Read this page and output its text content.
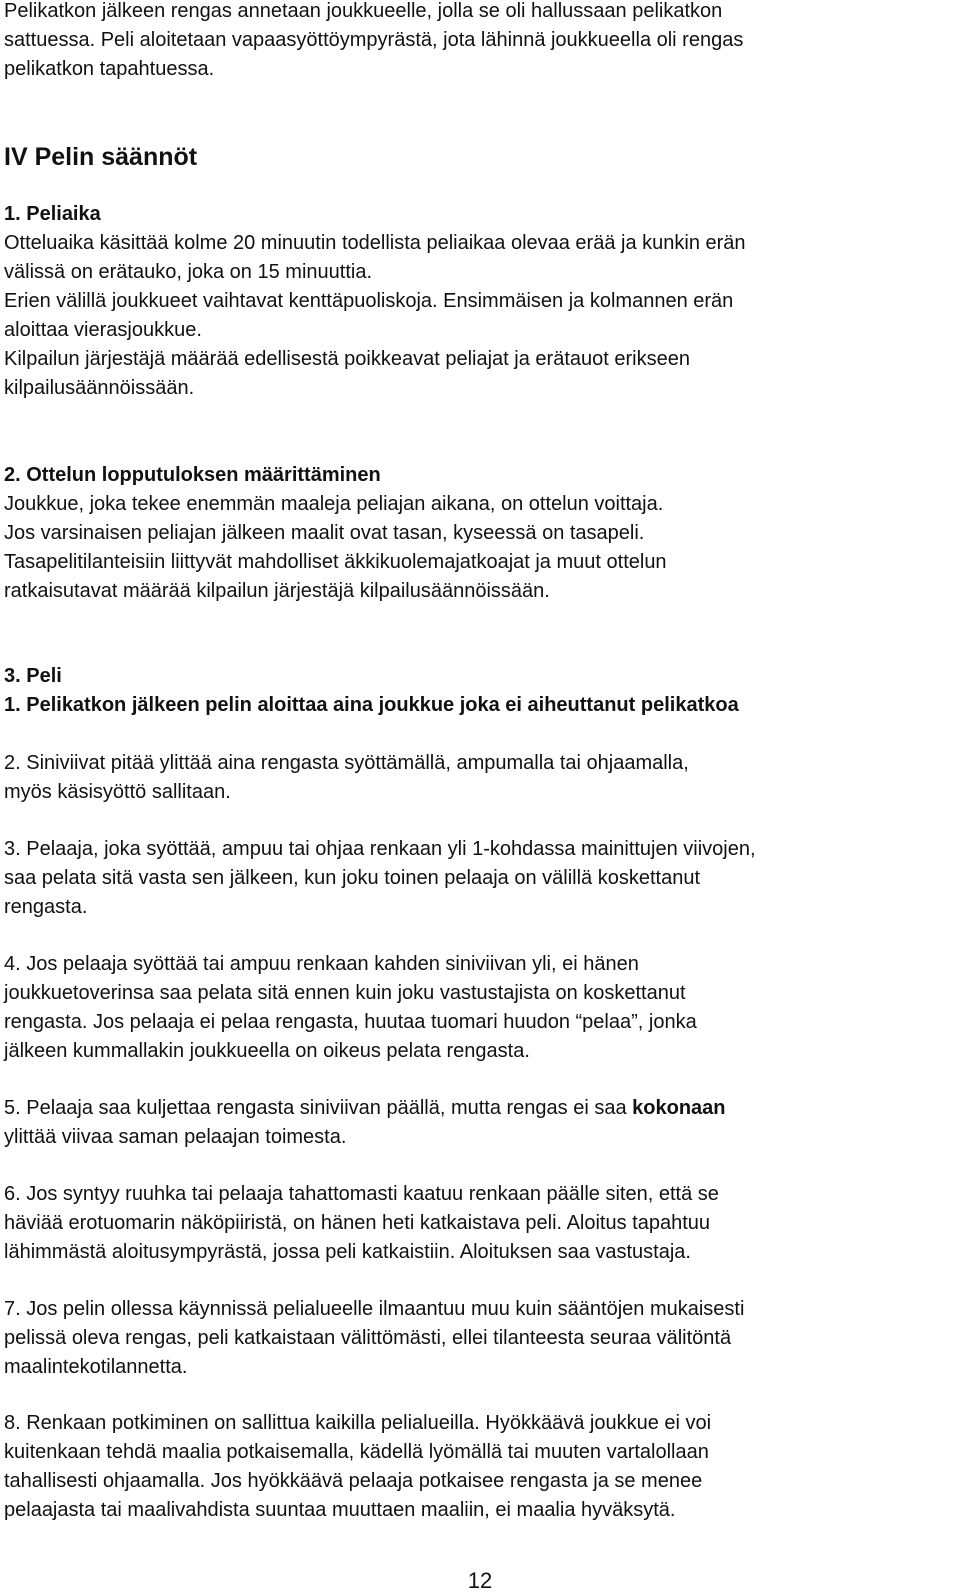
Pelikatkon jälkeen rengas annetaan joukkueelle, jolla se oli hallussaan pelikatkon

sattuessa. Peli aloitetaan vapaasyöttöympyrästä, jota lähinnä joukkueella oli rengas

pelikatkon tapahtuessa.

IV Pelin säännöt

1. Peliaika

Otteluaika käsittää kolme 20 minuutin todellista peliaikaa olevaa erää ja kunkin erän

välissä on erätauko, joka on 15 minuuttia.

Erien välillä joukkueet vaihtavat kenttäpuoliskoja. Ensimmäisen ja kolmannen erän

aloittaa vierasjoukkue.

Kilpailun järjestäjä määrää edellisestä poikkeavat peliajat ja erätauot erikseen

kilpailusäännöissään.

2. Ottelun lopputuloksen määrittäminen

Joukkue, joka tekee enemmän maaleja peliajan aikana, on ottelun voittaja.

Jos varsinaisen peliajan jälkeen maalit ovat tasan, kyseessä on tasapeli.

Tasapelitilanteisiin liittyvät mahdolliset äkkikuolemajatkoajat ja muut ottelun

ratkaisutavat määrää kilpailun järjestäjä kilpailusäännöissään.

3. Peli

1. Pelikatkon jälkeen pelin aloittaa aina joukkue joka ei aiheuttanut pelikatkoa

2. Siniviivat pitää ylittää aina rengasta syöttämällä, ampumalla tai ohjaamalla,

myös käsisyöttö sallitaan.

3. Pelaaja, joka syöttää, ampuu tai ohjaa renkaan yli 1-kohdassa mainittujen viivojen,

saa pelata sitä vasta sen jälkeen, kun joku toinen pelaaja on välillä koskettanut

rengasta.

4. Jos pelaaja syöttää tai ampuu renkaan kahden siniviivan yli, ei hänen

joukkuetoverinsa saa pelata sitä ennen kuin joku vastustajista on koskettanut

rengasta. Jos pelaaja ei pelaa rengasta, huutaa tuomari huudon “pelaa”, jonka

jälkeen kummallakin joukkueella on oikeus pelata rengasta.

5. Pelaaja saa kuljettaa rengasta siniviivan päällä, mutta rengas ei saa kokonaan

ylittää viivaa saman pelaajan toimesta.

6. Jos syntyy ruuhka tai pelaaja tahattomasti kaatuu renkaan päälle siten, että se

häviää erotuomarin näköpiiristä, on hänen heti katkaistava peli. Aloitus tapahtuu

lähimmästä aloitusympyrästä, jossa peli katkaistiin. Aloituksen saa vastustaja.

7. Jos pelin ollessa käynnissä pelialueelle ilmaantuu muu kuin sääntöjen mukaisesti

pelissä oleva rengas, peli katkaistaan välittömästi, ellei tilanteesta seuraa välitöntä

maalintekotilannetta.

8. Renkaan potkiminen on sallittua kaikilla pelialueilla. Hyökkäävä joukkue ei voi

kuitenkaan tehdä maalia potkaisemalla, kädellä lyömällä tai muuten vartalollaan

tahallisesti ohjaamalla. Jos hyökkäävä pelaaja potkaisee rengasta ja se menee

pelaajasta tai maalivahdista suuntaa muuttaen maaliin, ei maalia hyväksytä.

12
